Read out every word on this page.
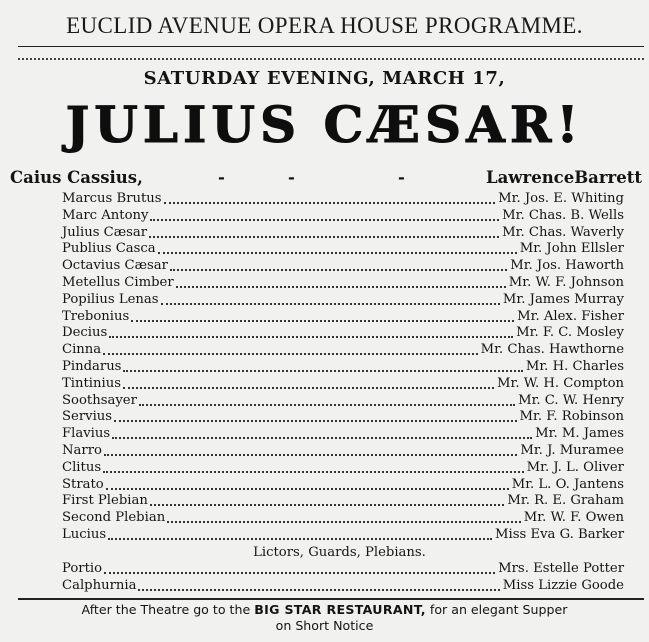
EUCLID AVENUE OPERA HOUSE PROGRAMME.
SATURDAY EVENING, MARCH 17,
JULIUS CÆSAR!
Caius Cassius,	-	-	-	LawrenceBarrett
Marcus Brutus	Mr. Jos. E. Whiting
Marc Antony	Mr. Chas. B. Wells
Julius Cæsar	Mr. Chas. Waverly
Publius Casca	Mr. John Ellsler
Octavius Cæsar	Mr. Jos. Haworth
Metellus Cimber	Mr. W. F. Johnson
Popilius Lenas	Mr. James Murray
Trebonius	Mr. Alex. Fisher
Decius	Mr. F. C. Mosley
Cinna	Mr. Chas. Hawthorne
Pindarus	Mr. H. Charles
Tintinius	Mr. W. H. Compton
Soothsayer	Mr. C. W. Henry
Servius	Mr. F. Robinson
Flavius	Mr. M. James
Narro	Mr. J. Muramee
Clitus	Mr. J. L. Oliver
Strato	Mr. L. O. Jantens
First Plebian	Mr. R. E. Graham
Second Plebian	Mr. W. F. Owen
Lucius	Miss Eva G. Barker
Lictors, Guards, Plebians.
Portio	Mrs. Estelle Potter
Calphurnia	Miss Lizzie Goode
After the Theatre go to the BIG STAR RESTAURANT, for an elegant Supper
on Short Notice
